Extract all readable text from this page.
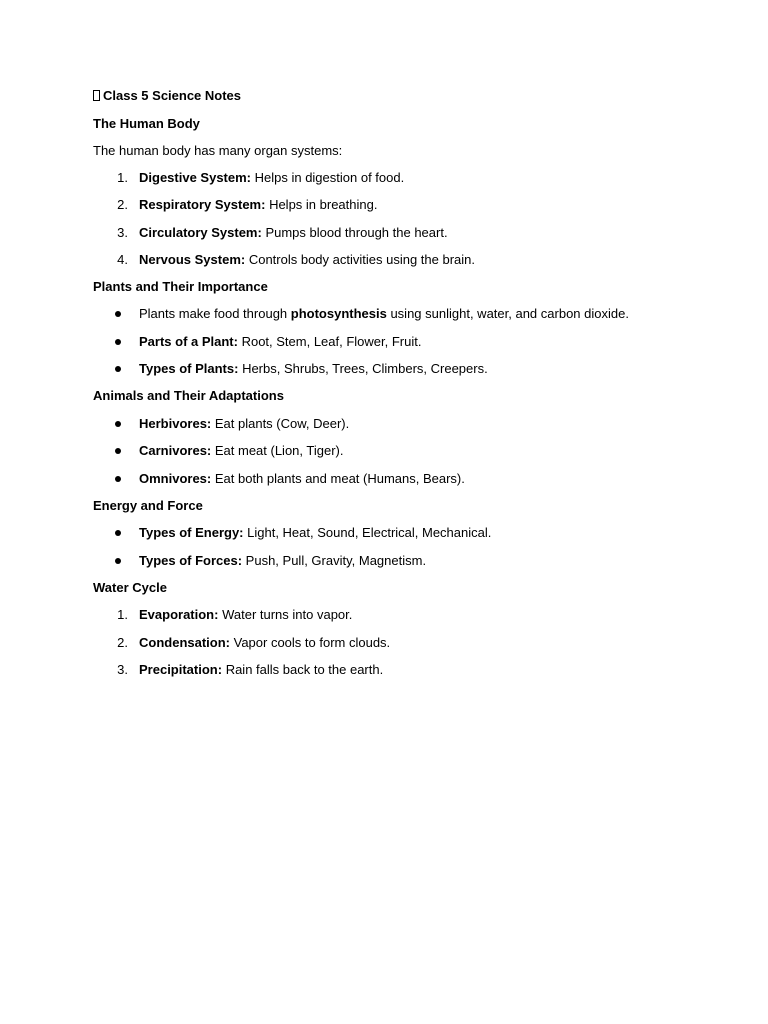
Class 5 Science Notes
The Human Body
The human body has many organ systems:
1. Digestive System: Helps in digestion of food.
2. Respiratory System: Helps in breathing.
3. Circulatory System: Pumps blood through the heart.
4. Nervous System: Controls body activities using the brain.
Plants and Their Importance
Plants make food through photosynthesis using sunlight, water, and carbon dioxide.
Parts of a Plant: Root, Stem, Leaf, Flower, Fruit.
Types of Plants: Herbs, Shrubs, Trees, Climbers, Creepers.
Animals and Their Adaptations
Herbivores: Eat plants (Cow, Deer).
Carnivores: Eat meat (Lion, Tiger).
Omnivores: Eat both plants and meat (Humans, Bears).
Energy and Force
Types of Energy: Light, Heat, Sound, Electrical, Mechanical.
Types of Forces: Push, Pull, Gravity, Magnetism.
Water Cycle
1. Evaporation: Water turns into vapor.
2. Condensation: Vapor cools to form clouds.
3. Precipitation: Rain falls back to the earth.
